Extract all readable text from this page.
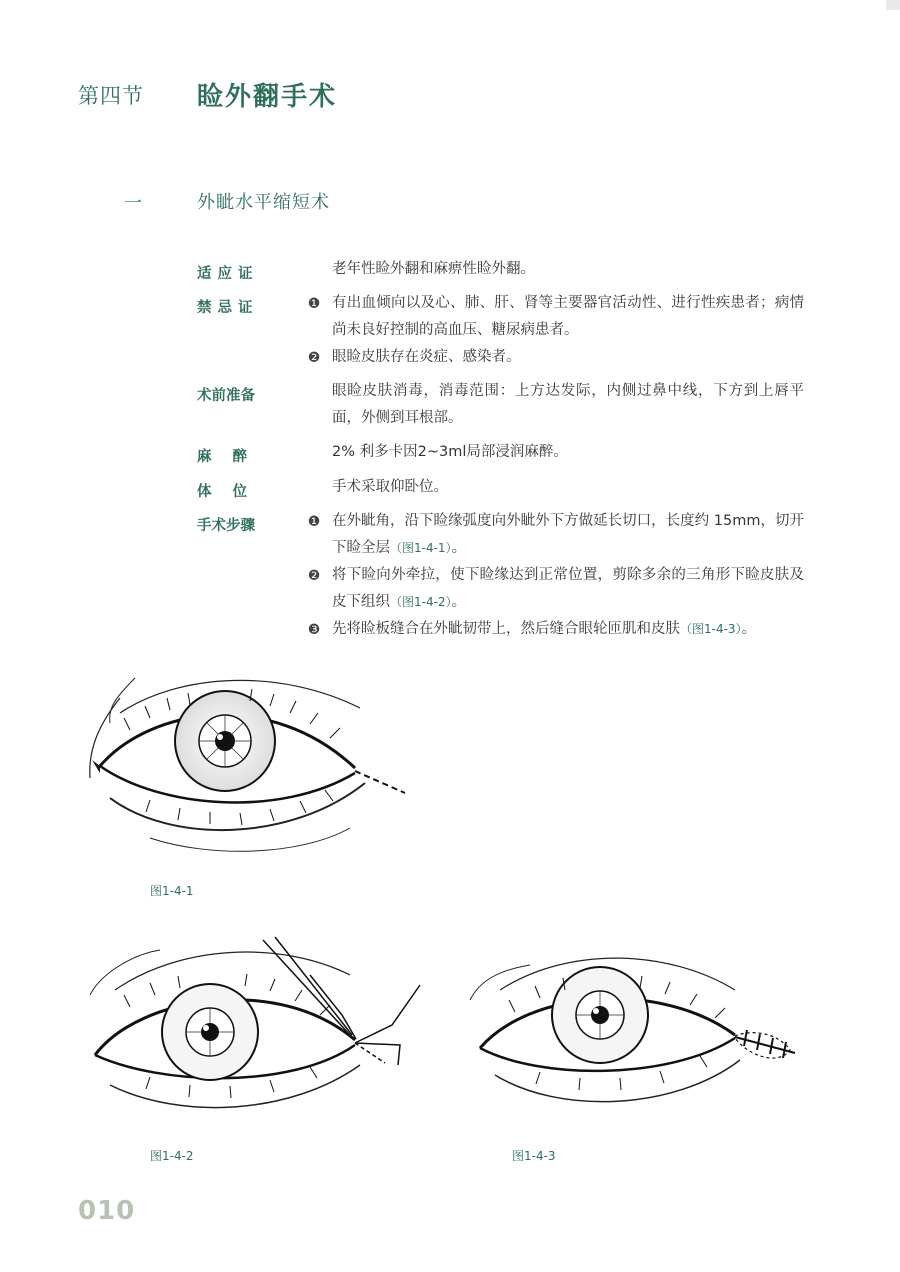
第四节 睑外翻手术
一	外眦水平缩短术
适应证	老年性睑外翻和麻痹性睑外翻。
禁忌证	❶ 有出血倾向以及心、肺、肝、肾等主要器官活动性、进行性疾患者；病情尚未良好控制的高血压、糖尿病患者。
❷ 眼睑皮肤存在炎症、感染者。
术前准备	眼睑皮肤消毒，消毒范围：上方达发际，内侧过鼻中线，下方到上唇平面，外侧到耳根部。
麻醉	2% 利多卡因2~3ml局部浸润麻醉。
体位	手术采取仰卧位。
手术步骤	❶ 在外眦角，沿下睑缘弧度向外眦外下方做延长切口，长度约 15mm，切开下睑全层（图1-4-1）。
❷ 将下睑向外牵拉，使下睑缘达到正常位置，剪除多余的三角形下睑皮肤及皮下组织（图1-4-2）。
❸ 先将睑板缝合在外眦韧带上，然后缝合眼轮匝肌和皮肤（图1-4-3）。
图1-4-1
图1-4-2	图1-4-3
010
